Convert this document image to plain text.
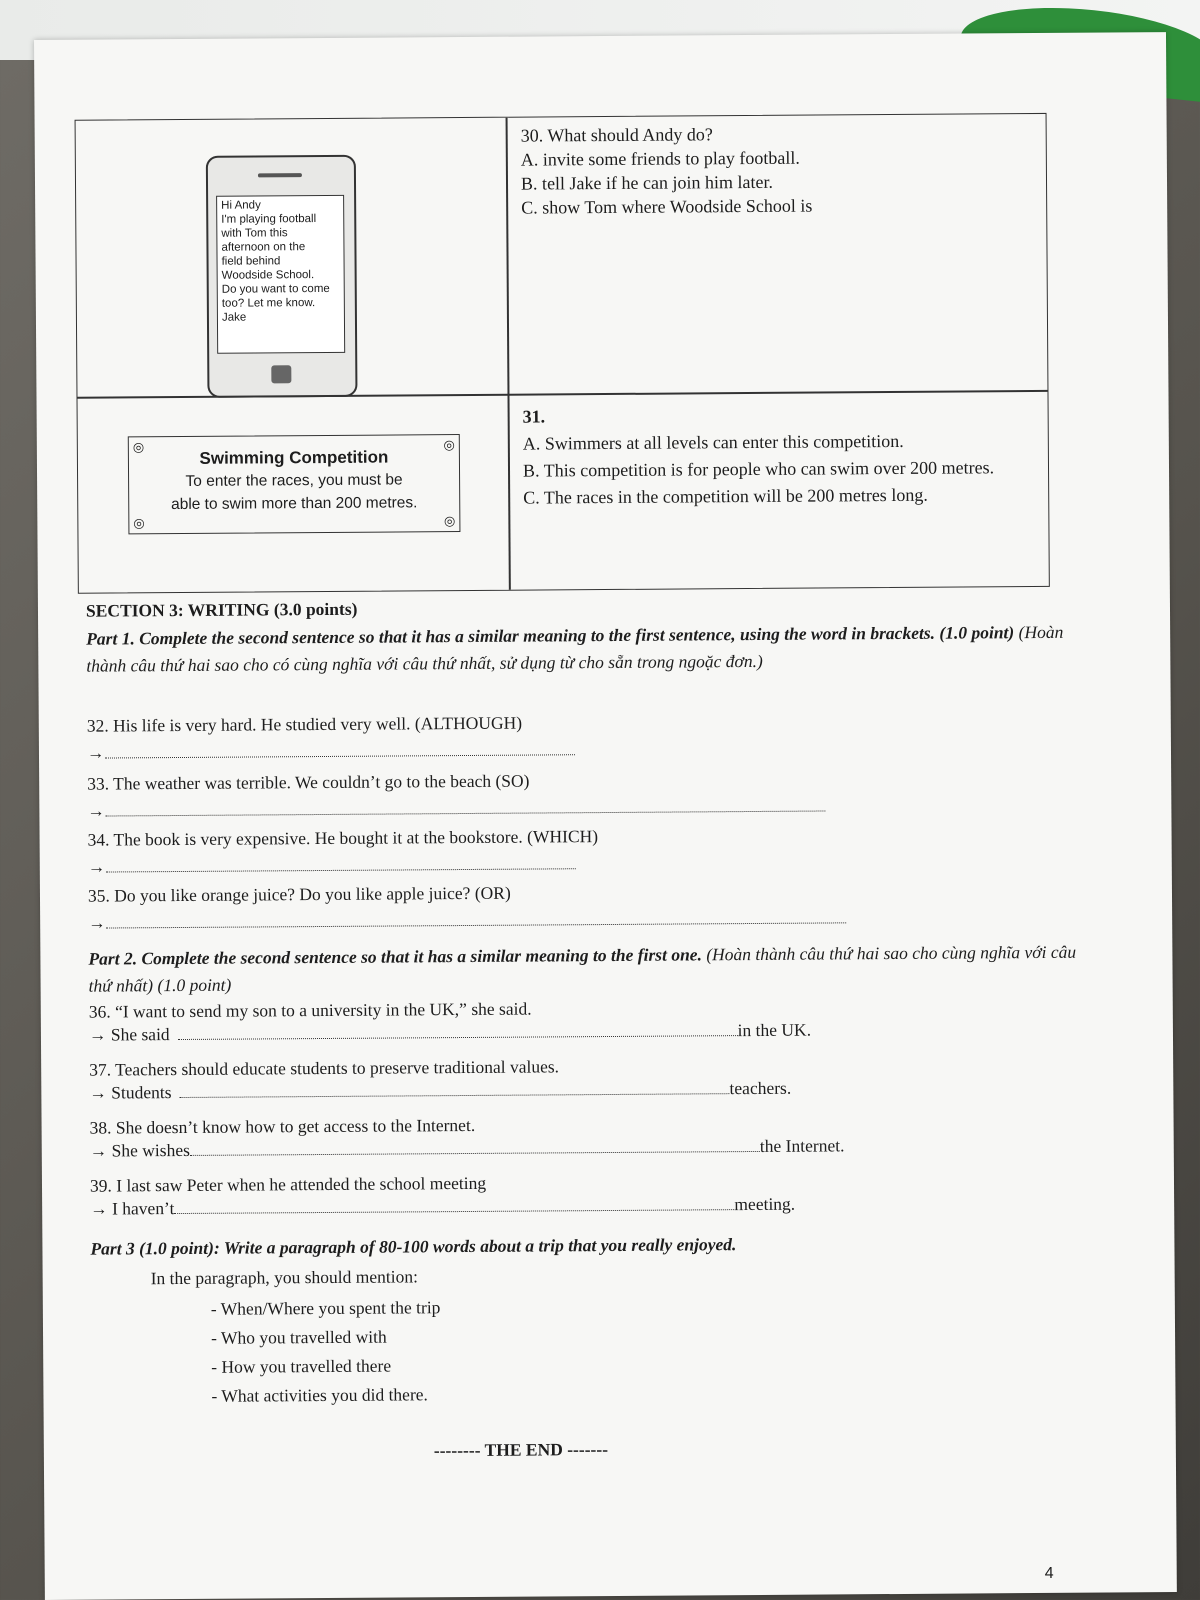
Hi Andy
I'm playing football
with Tom this
afternoon on the
field behind
Woodside School.
Do you want to come
too? Let me know.
Jake
30. What should Andy do?
A. invite some friends to play football.
B. tell Jake if he can join him later.
C. show Tom where Woodside School is
◎	◎
◎	◎
Swimming Competition
To enter the races, you must be
able to swim more than 200 metres.
31.
A. Swimmers at all levels can enter this competition.
B. This competition is for people who can swim over 200 metres.
C. The races in the competition will be 200 metres long.
SECTION 3: WRITING (3.0 points)
Part 1. Complete the second sentence so that it has a similar meaning to the first sentence, using the word in brackets. (1.0 point) (Hoàn thành câu thứ hai sao cho có cùng nghĩa với câu thứ nhất, sử dụng từ cho sẵn trong ngoặc đơn.)
32. His life is very hard. He studied very well. (ALTHOUGH)
→
33. The weather was terrible. We couldn’t go to the beach (SO)
→
34. The book is very expensive. He bought it at the bookstore. (WHICH)
→
35. Do you like orange juice? Do you like apple juice? (OR)
→
Part 2. Complete the second sentence so that it has a similar meaning to the first one. (Hoàn thành câu thứ hai sao cho cùng nghĩa với câu thứ nhất) (1.0 point)
36. “I want to send my son to a university in the UK,” she said.
→ She said	in the UK.
37. Teachers should educate students to preserve traditional values.
→ Students	teachers.
38. She doesn’t know how to get access to the Internet.
→ She wishes	the Internet.
39. I last saw Peter when he attended the school meeting
→ I haven’t	meeting.
Part 3 (1.0 point): Write a paragraph of 80-100 words about a trip that you really enjoyed.
In the paragraph, you should mention:
- When/Where you spent the trip
- Who you travelled with
- How you travelled there
- What activities you did there.
-------- THE END -------
4
